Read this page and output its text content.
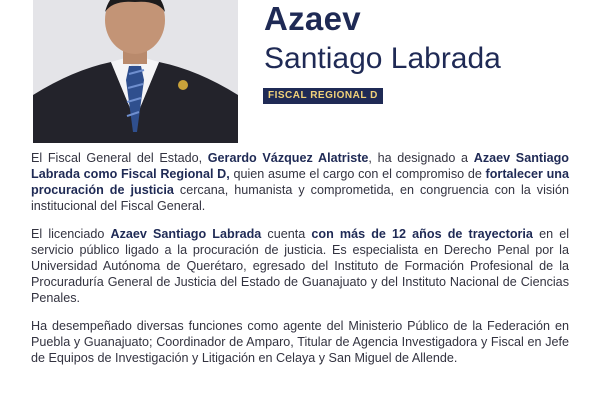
Azaev
Santiago Labrada
FISCAL REGIONAL D

El Fiscal General del Estado, Gerardo Vázquez Alatriste, ha designado a Azaev Santiago Labrada como Fiscal Regional D, quien asume el cargo con el compromiso de fortalecer una procuración de justicia cercana, humanista y comprometida, en congruencia con la visión institucional del Fiscal General.

El licenciado Azaev Santiago Labrada cuenta con más de 12 años de trayectoria en el servicio público ligado a la procuración de justicia. Es especialista en Derecho Penal por la Universidad Autónoma de Querétaro, egresado del Instituto de Formación Profesional de la Procuraduría General de Justicia del Estado de Guanajuato y del Instituto Nacional de Ciencias Penales.

Ha desempeñado diversas funciones como agente del Ministerio Público de la Federación en Puebla y Guanajuato; Coordinador de Amparo, Titular de Agencia Investigadora y Fiscal en Jefe de Equipos de Investigación y Litigación en Celaya y San Miguel de Allende.
